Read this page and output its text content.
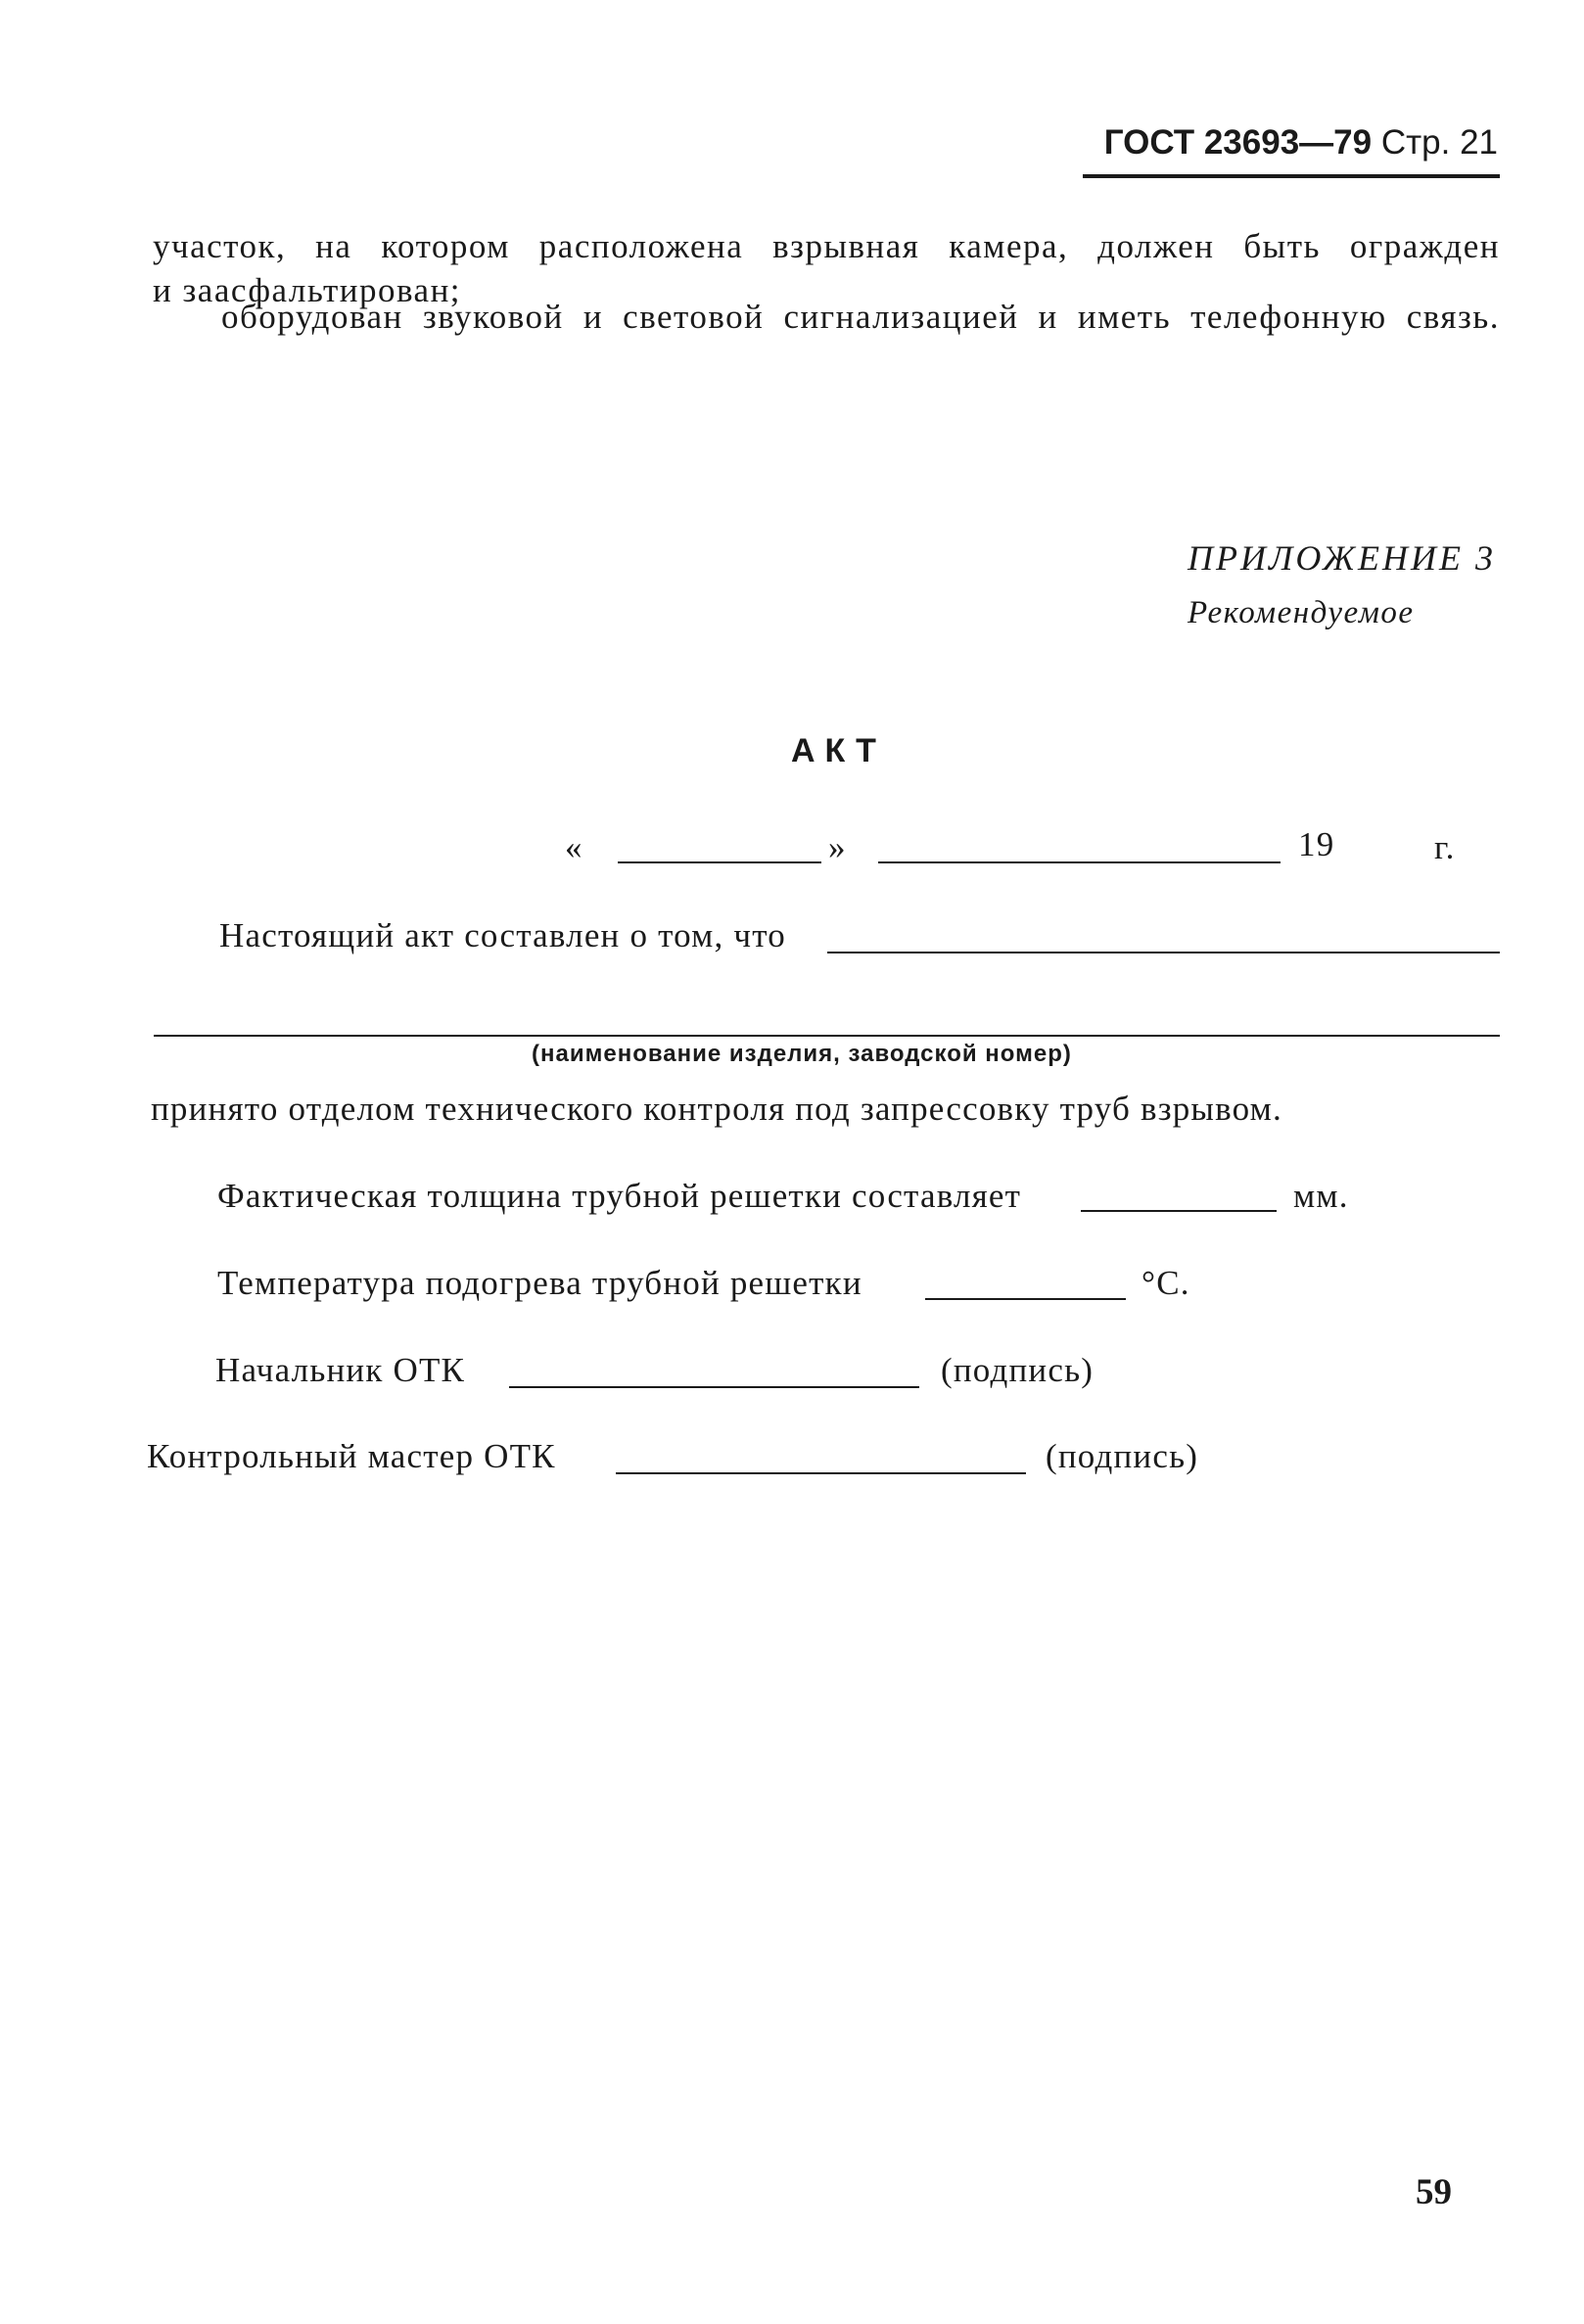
ГОСТ 23693—79 Стр. 21
участок, на котором расположена взрывная камера, должен быть огражден
и заасфальтирован;
оборудован звуковой и световой сигнализацией и иметь телефонную связь.
ПРИЛОЖЕНИЕ 3
Рекомендуемое
АКТ
«	»	19	г.
Настоящий акт составлен о том, что
(наименование изделия, заводской номер)
принято отделом технического контроля под запрессовку труб взрывом.
Фактическая толщина трубной решетки составляет	мм.
Температура подогрева трубной решетки	°С.
Начальник ОТК	(подпись)
Контрольный мастер ОТК	(подпись)
59
